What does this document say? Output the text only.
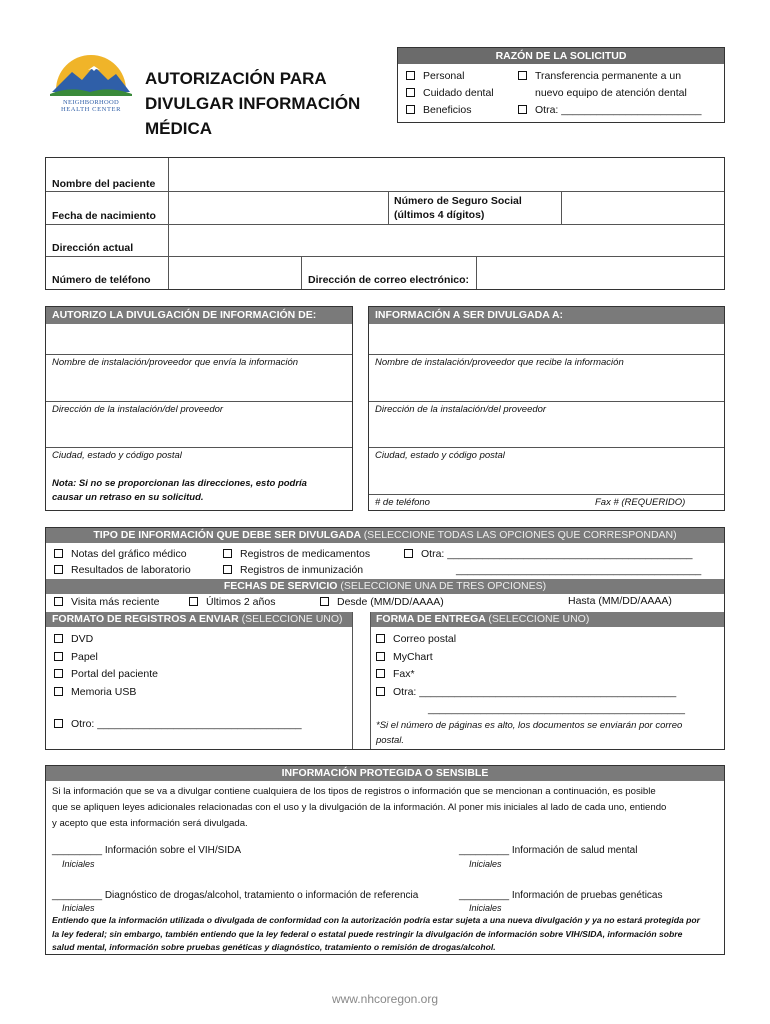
NEIGHBORHOOD
HEALTH CENTER
AUTORIZACIÓN PARA
DIVULGAR INFORMACIÓN
MÉDICA
RAZÓN DE LA SOLICITUD
Personal
Cuidado dental
Beneficios
Transferencia permanente a un
nuevo equipo de atención dental
Otra: ________________________
Nombre del paciente
Fecha de nacimiento
Número de Seguro Social
(últimos 4 dígitos)
Dirección actual
Número de teléfono	Dirección de correo electrónico:
AUTORIZO LA DIVULGACIÓN DE INFORMACIÓN DE:
Nombre de instalación/proveedor que envía la información
Dirección de la instalación/del proveedor
Ciudad, estado y código postal
Nota: Si no se proporcionan las direcciones, esto podría
causar un retraso en su solicitud.
INFORMACIÓN A SER DIVULGADA A:
Nombre de instalación/proveedor que recibe la información
Dirección de la instalación/del proveedor
Ciudad, estado y código postal
# de teléfono	Fax # (REQUERIDO)
TIPO DE INFORMACIÓN QUE DEBE SER DIVULGADA (SELECCIONE TODAS LAS OPCIONES QUE CORRESPONDAN)
Notas del gráfico médico
Resultados de laboratorio
Registros de medicamentos
Registros de inmunización
Otra: __________________________________________
__________________________________________
FECHAS DE SERVICIO (SELECCIONE UNA DE TRES OPCIONES)
Visita más reciente	Últimos 2 años	Desde (MM/DD/AAAA)	Hasta (MM/DD/AAAA)
FORMATO DE REGISTROS A ENVIAR (SELECCIONE UNO)	FORMA DE ENTREGA (SELECCIONE UNO)
DVD
Papel
Portal del paciente
Memoria USB
Otro: ___________________________________
Correo postal
MyChart
Fax*
Otra: ____________________________________________
____________________________________________
*Si el número de páginas es alto, los documentos se enviarán por correo
postal.
INFORMACIÓN PROTEGIDA O SENSIBLE
Si la información que se va a divulgar contiene cualquiera de los tipos de registros o información que se mencionan a continuación, es posible
que se apliquen leyes adicionales relacionadas con el uso y la divulgación de la información. Al poner mis iniciales al lado de cada uno, entiendo
y acepto que esta información será divulgada.
_________ Información sobre el VIH/SIDA
Iniciales
_________ Información de salud mental
Iniciales
_________ Diagnóstico de drogas/alcohol, tratamiento o información de referencia
Iniciales
_________ Información de pruebas genéticas
Iniciales
Entiendo que la información utilizada o divulgada de conformidad con la autorización podría estar sujeta a una nueva divulgación y ya no estará protegida por
la ley federal; sin embargo, también entiendo que la ley federal o estatal puede restringir la divulgación de información sobre VIH/SIDA, información sobre
salud mental, información sobre pruebas genéticas y diagnóstico, tratamiento o remisión de drogas/alcohol.
www.nhcoregon.org
